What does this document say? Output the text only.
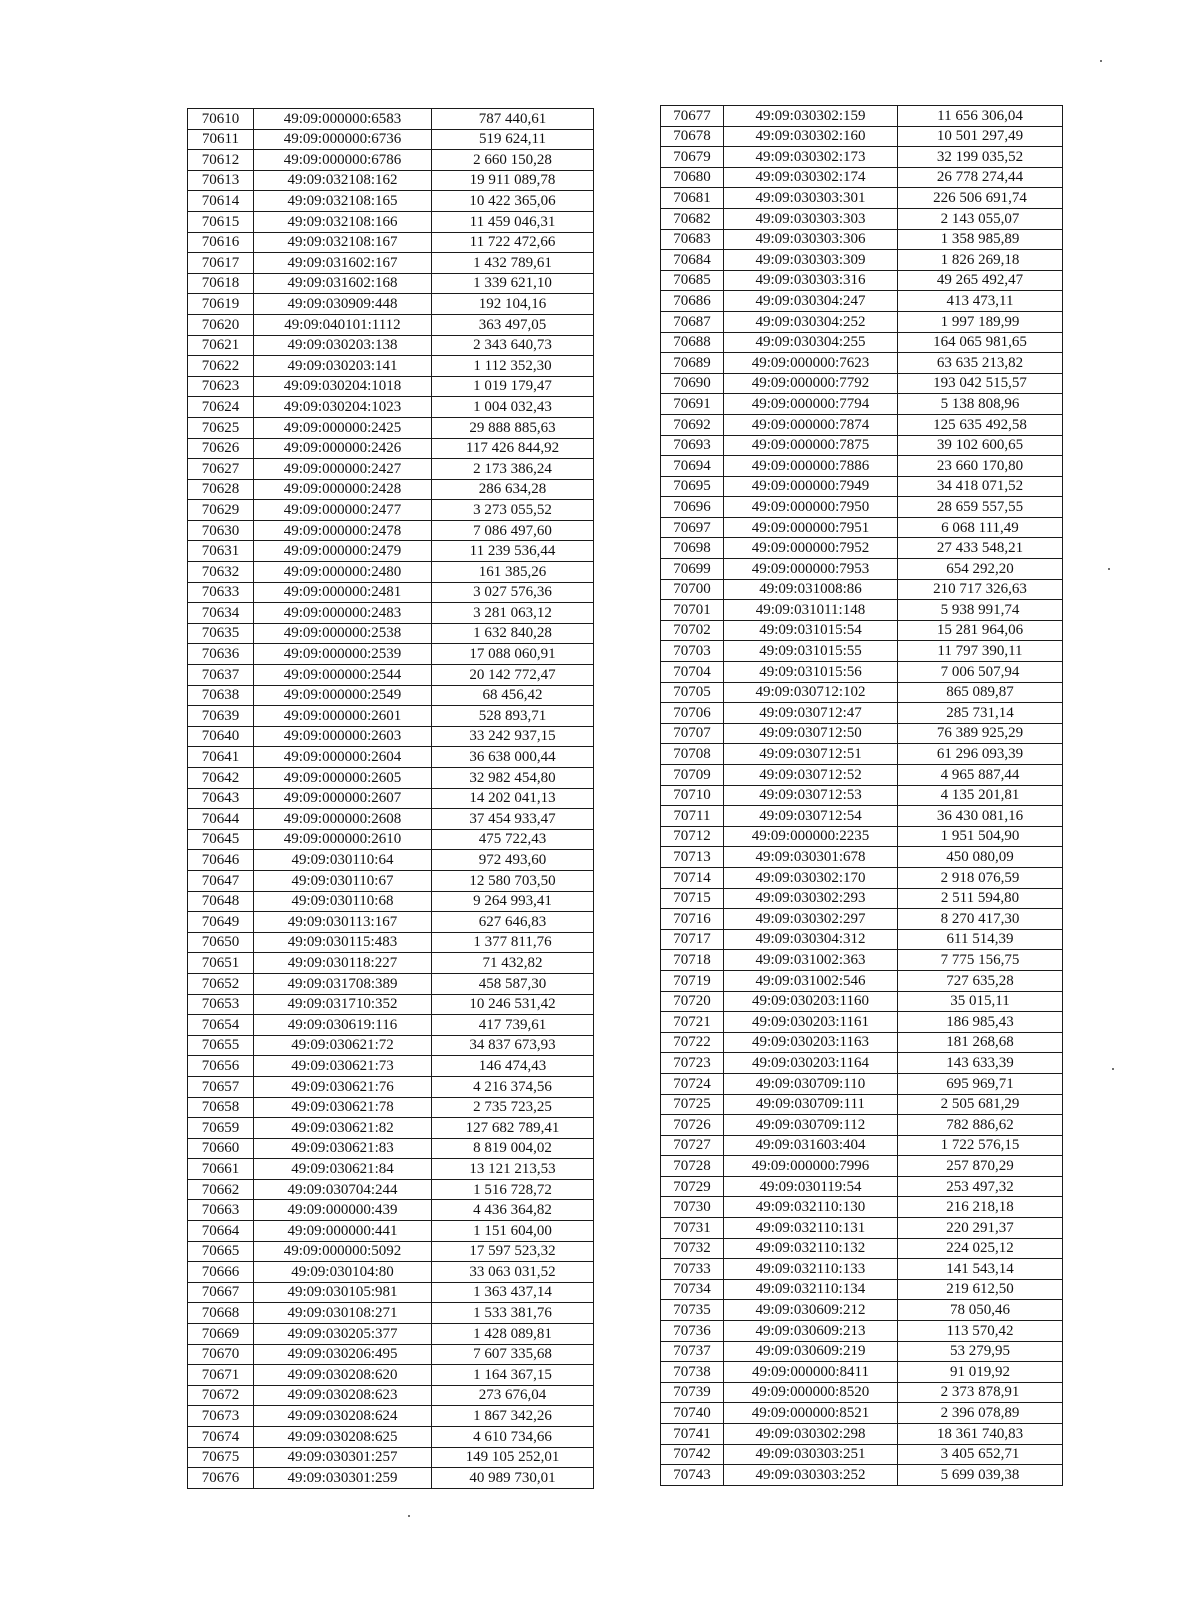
70610	49:09:000000:6583	787 440,61
70611	49:09:000000:6736	519 624,11
70612	49:09:000000:6786	2 660 150,28
70613	49:09:032108:162	19 911 089,78
70614	49:09:032108:165	10 422 365,06
70615	49:09:032108:166	11 459 046,31
70616	49:09:032108:167	11 722 472,66
70617	49:09:031602:167	1 432 789,61
70618	49:09:031602:168	1 339 621,10
70619	49:09:030909:448	192 104,16
70620	49:09:040101:1112	363 497,05
70621	49:09:030203:138	2 343 640,73
70622	49:09:030203:141	1 112 352,30
70623	49:09:030204:1018	1 019 179,47
70624	49:09:030204:1023	1 004 032,43
70625	49:09:000000:2425	29 888 885,63
70626	49:09:000000:2426	117 426 844,92
70627	49:09:000000:2427	2 173 386,24
70628	49:09:000000:2428	286 634,28
70629	49:09:000000:2477	3 273 055,52
70630	49:09:000000:2478	7 086 497,60
70631	49:09:000000:2479	11 239 536,44
70632	49:09:000000:2480	161 385,26
70633	49:09:000000:2481	3 027 576,36
70634	49:09:000000:2483	3 281 063,12
70635	49:09:000000:2538	1 632 840,28
70636	49:09:000000:2539	17 088 060,91
70637	49:09:000000:2544	20 142 772,47
70638	49:09:000000:2549	68 456,42
70639	49:09:000000:2601	528 893,71
70640	49:09:000000:2603	33 242 937,15
70641	49:09:000000:2604	36 638 000,44
70642	49:09:000000:2605	32 982 454,80
70643	49:09:000000:2607	14 202 041,13
70644	49:09:000000:2608	37 454 933,47
70645	49:09:000000:2610	475 722,43
70646	49:09:030110:64	972 493,60
70647	49:09:030110:67	12 580 703,50
70648	49:09:030110:68	9 264 993,41
70649	49:09:030113:167	627 646,83
70650	49:09:030115:483	1 377 811,76
70651	49:09:030118:227	71 432,82
70652	49:09:031708:389	458 587,30
70653	49:09:031710:352	10 246 531,42
70654	49:09:030619:116	417 739,61
70655	49:09:030621:72	34 837 673,93
70656	49:09:030621:73	146 474,43
70657	49:09:030621:76	4 216 374,56
70658	49:09:030621:78	2 735 723,25
70659	49:09:030621:82	127 682 789,41
70660	49:09:030621:83	8 819 004,02
70661	49:09:030621:84	13 121 213,53
70662	49:09:030704:244	1 516 728,72
70663	49:09:000000:439	4 436 364,82
70664	49:09:000000:441	1 151 604,00
70665	49:09:000000:5092	17 597 523,32
70666	49:09:030104:80	33 063 031,52
70667	49:09:030105:981	1 363 437,14
70668	49:09:030108:271	1 533 381,76
70669	49:09:030205:377	1 428 089,81
70670	49:09:030206:495	7 607 335,68
70671	49:09:030208:620	1 164 367,15
70672	49:09:030208:623	273 676,04
70673	49:09:030208:624	1 867 342,26
70674	49:09:030208:625	4 610 734,66
70675	49:09:030301:257	149 105 252,01
70676	49:09:030301:259	40 989 730,01
70677	49:09:030302:159	11 656 306,04
70678	49:09:030302:160	10 501 297,49
70679	49:09:030302:173	32 199 035,52
70680	49:09:030302:174	26 778 274,44
70681	49:09:030303:301	226 506 691,74
70682	49:09:030303:303	2 143 055,07
70683	49:09:030303:306	1 358 985,89
70684	49:09:030303:309	1 826 269,18
70685	49:09:030303:316	49 265 492,47
70686	49:09:030304:247	413 473,11
70687	49:09:030304:252	1 997 189,99
70688	49:09:030304:255	164 065 981,65
70689	49:09:000000:7623	63 635 213,82
70690	49:09:000000:7792	193 042 515,57
70691	49:09:000000:7794	5 138 808,96
70692	49:09:000000:7874	125 635 492,58
70693	49:09:000000:7875	39 102 600,65
70694	49:09:000000:7886	23 660 170,80
70695	49:09:000000:7949	34 418 071,52
70696	49:09:000000:7950	28 659 557,55
70697	49:09:000000:7951	6 068 111,49
70698	49:09:000000:7952	27 433 548,21
70699	49:09:000000:7953	654 292,20
70700	49:09:031008:86	210 717 326,63
70701	49:09:031011:148	5 938 991,74
70702	49:09:031015:54	15 281 964,06
70703	49:09:031015:55	11 797 390,11
70704	49:09:031015:56	7 006 507,94
70705	49:09:030712:102	865 089,87
70706	49:09:030712:47	285 731,14
70707	49:09:030712:50	76 389 925,29
70708	49:09:030712:51	61 296 093,39
70709	49:09:030712:52	4 965 887,44
70710	49:09:030712:53	4 135 201,81
70711	49:09:030712:54	36 430 081,16
70712	49:09:000000:2235	1 951 504,90
70713	49:09:030301:678	450 080,09
70714	49:09:030302:170	2 918 076,59
70715	49:09:030302:293	2 511 594,80
70716	49:09:030302:297	8 270 417,30
70717	49:09:030304:312	611 514,39
70718	49:09:031002:363	7 775 156,75
70719	49:09:031002:546	727 635,28
70720	49:09:030203:1160	35 015,11
70721	49:09:030203:1161	186 985,43
70722	49:09:030203:1163	181 268,68
70723	49:09:030203:1164	143 633,39
70724	49:09:030709:110	695 969,71
70725	49:09:030709:111	2 505 681,29
70726	49:09:030709:112	782 886,62
70727	49:09:031603:404	1 722 576,15
70728	49:09:000000:7996	257 870,29
70729	49:09:030119:54	253 497,32
70730	49:09:032110:130	216 218,18
70731	49:09:032110:131	220 291,37
70732	49:09:032110:132	224 025,12
70733	49:09:032110:133	141 543,14
70734	49:09:032110:134	219 612,50
70735	49:09:030609:212	78 050,46
70736	49:09:030609:213	113 570,42
70737	49:09:030609:219	53 279,95
70738	49:09:000000:8411	91 019,92
70739	49:09:000000:8520	2 373 878,91
70740	49:09:000000:8521	2 396 078,89
70741	49:09:030302:298	18 361 740,83
70742	49:09:030303:251	3 405 652,71
70743	49:09:030303:252	5 699 039,38
